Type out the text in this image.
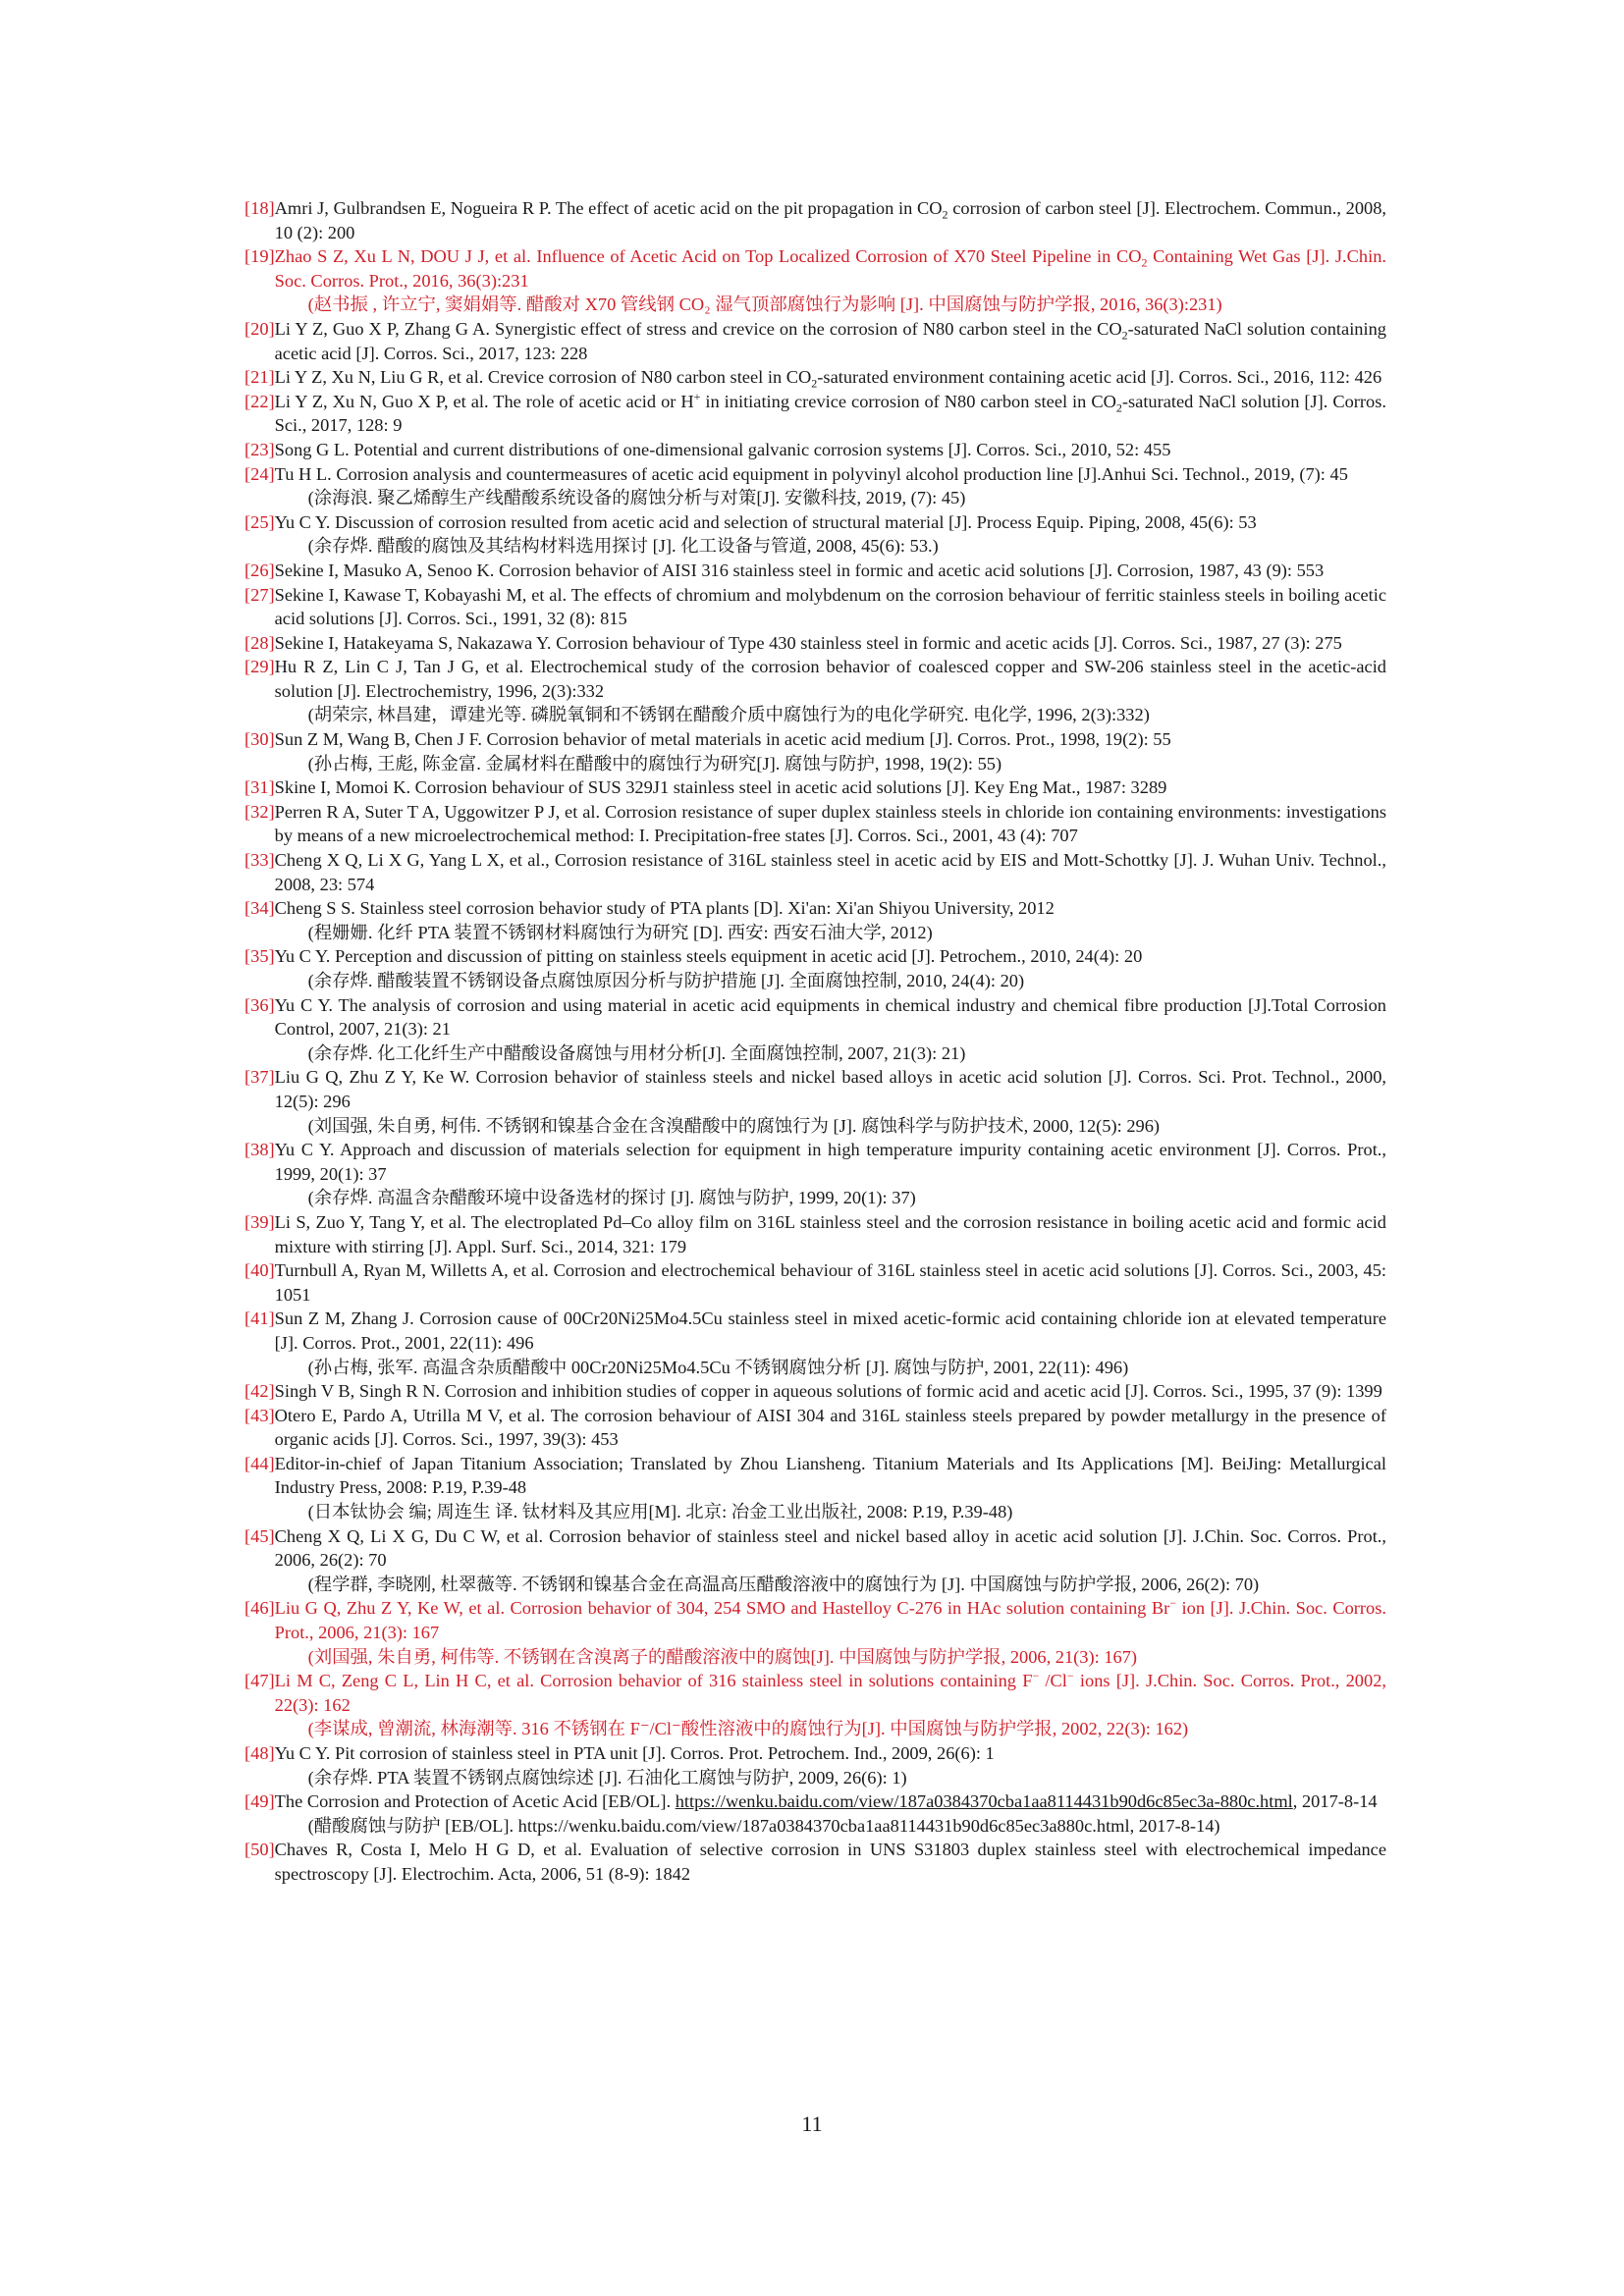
[18] Amri J, Gulbrandsen E, Nogueira R P. The effect of acetic acid on the pit propagation in $CO_2$ corrosion of carbon steel [J]. Electrochem. Commun., 2008, 10 (2): 200
[19] Zhao S Z, Xu L N, DOU J J, et al. Influence of Acetic Acid on Top Localized Corrosion of X70 Steel Pipeline in $CO_2$ Containing Wet Gas [J]. J.Chin. Soc. Corros. Prot., 2016, 36(3):231
(赵书振 , 许立宁, 窦娟娟等. 醋酸对 X70 管线钢 CO₂ 湿气顶部腐蚀行为影响 [J]. 中国腐蚀与防护学报, 2016, 36(3):231)
[20] Li Y Z, Guo X P, Zhang G A. Synergistic effect of stress and crevice on the corrosion of N80 carbon steel in the $CO_2$-saturated NaCl solution containing acetic acid [J]. Corros. Sci., 2017, 123: 228
[21] Li Y Z, Xu N, Liu G R, et al. Crevice corrosion of N80 carbon steel in $CO_2$-saturated environment containing acetic acid [J]. Corros. Sci., 2016, 112: 426
[22] Li Y Z, Xu N, Guo X P, et al. The role of acetic acid or H+ in initiating crevice corrosion of N80 carbon steel in $CO_2$-saturated NaCl solution [J]. Corros. Sci., 2017, 128: 9
[23] Song G L. Potential and current distributions of one-dimensional galvanic corrosion systems [J]. Corros. Sci., 2010, 52: 455
[24] Tu H L. Corrosion analysis and countermeasures of acetic acid equipment in polyvinyl alcohol production line [J].Anhui Sci. Technol., 2019, (7): 45
(涂海浪. 聚乙烯醇生产线醋酸系统设备的腐蚀分析与对策[J]. 安徽科技, 2019, (7): 45)
[25] Yu C Y. Discussion of corrosion resulted from acetic acid and selection of structural material [J]. Process Equip. Piping, 2008, 45(6): 53
(余存烨. 醋酸的腐蚀及其结构材料选用探讨 [J]. 化工设备与管道, 2008, 45(6): 53.)
[26] Sekine I, Masuko A, Senoo K. Corrosion behavior of AISI 316 stainless steel in formic and acetic acid solutions [J]. Corrosion, 1987, 43 (9): 553
[27] Sekine I, Kawase T, Kobayashi M, et al. The effects of chromium and molybdenum on the corrosion behaviour of ferritic stainless steels in boiling acetic acid solutions [J]. Corros. Sci., 1991, 32 (8): 815
[28] Sekine I, Hatakeyama S, Nakazawa Y. Corrosion behaviour of Type 430 stainless steel in formic and acetic acids [J]. Corros. Sci., 1987, 27 (3): 275
[29] Hu R Z, Lin C J, Tan J G, et al. Electrochemical study of the corrosion behavior of coalesced copper and SW-206 stainless steel in the acetic-acid solution [J]. Electrochemistry, 1996, 2(3):332
(胡荣宗, 林昌建，谭建光等. 磷脱氧铜和不锈钢在醋酸介质中腐蚀行为的电化学研究. 电化学, 1996, 2(3):332)
[30] Sun Z M, Wang B, Chen J F. Corrosion behavior of metal materials in acetic acid medium [J]. Corros. Prot., 1998, 19(2): 55
(孙占梅, 王彪, 陈金富. 金属材料在醋酸中的腐蚀行为研究[J]. 腐蚀与防护, 1998, 19(2): 55)
[31] Skine I, Momoi K. Corrosion behaviour of SUS 329J1 stainless steel in acetic acid solutions [J]. Key Eng Mat., 1987: 3289
[32] Perren R A, Suter T A, Uggowitzer P J, et al. Corrosion resistance of super duplex stainless steels in chloride ion containing environments: investigations by means of a new microelectrochemical method: I. Precipitation-free states [J]. Corros. Sci., 2001, 43 (4): 707
[33] Cheng X Q, Li X G, Yang L X, et al., Corrosion resistance of 316L stainless steel in acetic acid by EIS and Mott-Schottky [J]. J. Wuhan Univ. Technol., 2008, 23: 574
[34] Cheng S S. Stainless steel corrosion behavior study of PTA plants [D]. Xi'an: Xi'an Shiyou University, 2012
(程姗姗. 化纤 PTA 装置不锈钢材料腐蚀行为研究 [D]. 西安: 西安石油大学, 2012)
[35] Yu C Y. Perception and discussion of pitting on stainless steels equipment in acetic acid [J]. Petrochem., 2010, 24(4): 20
(余存烨. 醋酸装置不锈钢设备点腐蚀原因分析与防护措施 [J]. 全面腐蚀控制, 2010, 24(4): 20)
[36] Yu C Y. The analysis of corrosion and using material in acetic acid equipments in chemical industry and chemical fibre production [J].Total Corrosion Control, 2007, 21(3): 21
(余存烨. 化工化纤生产中醋酸设备腐蚀与用材分析[J]. 全面腐蚀控制, 2007, 21(3): 21)
[37] Liu G Q, Zhu Z Y, Ke W. Corrosion behavior of stainless steels and nickel based alloys in acetic acid solution [J]. Corros. Sci. Prot. Technol., 2000, 12(5): 296
(刘国强, 朱自勇, 柯伟. 不锈钢和镍基合金在含溴醋酸中的腐蚀行为 [J]. 腐蚀科学与防护技术, 2000, 12(5): 296)
[38] Yu C Y. Approach and discussion of materials selection for equipment in high temperature impurity containing acetic environment [J]. Corros. Prot., 1999, 20(1): 37
(余存烨. 高温含杂醋酸环境中设备选材的探讨 [J]. 腐蚀与防护, 1999, 20(1): 37)
[39] Li S, Zuo Y, Tang Y, et al. The electroplated Pd–Co alloy film on 316L stainless steel and the corrosion resistance in boiling acetic acid and formic acid mixture with stirring [J]. Appl. Surf. Sci., 2014, 321: 179
[40] Turnbull A, Ryan M, Willetts A, et al. Corrosion and electrochemical behaviour of 316L stainless steel in acetic acid solutions [J]. Corros. Sci., 2003, 45: 1051
[41] Sun Z M, Zhang J. Corrosion cause of 00Cr20Ni25Mo4.5Cu stainless steel in mixed acetic-formic acid containing chloride ion at elevated temperature [J]. Corros. Prot., 2001, 22(11): 496
(孙占梅, 张军. 高温含杂质醋酸中 00Cr20Ni25Mo4.5Cu 不锈钢腐蚀分析 [J]. 腐蚀与防护, 2001, 22(11): 496)
[42] Singh V B, Singh R N. Corrosion and inhibition studies of copper in aqueous solutions of formic acid and acetic acid [J]. Corros. Sci., 1995, 37 (9): 1399
[43] Otero E, Pardo A, Utrilla M V, et al. The corrosion behaviour of AISI 304 and 316L stainless steels prepared by powder metallurgy in the presence of organic acids [J]. Corros. Sci., 1997, 39(3): 453
[44] Editor-in-chief of Japan Titanium Association; Translated by Zhou Liansheng. Titanium Materials and Its Applications [M]. BeiJing: Metallurgical Industry Press, 2008: P.19, P.39-48
(日本钛协会 编; 周连生 译. 钛材料及其应用[M]. 北京: 冶金工业出版社, 2008: P.19, P.39-48)
[45] Cheng X Q, Li X G, Du C W, et al. Corrosion behavior of stainless steel and nickel based alloy in acetic acid solution [J]. J.Chin. Soc. Corros. Prot., 2006, 26(2): 70
(程学群, 李晓刚, 杜翠薇等. 不锈钢和镍基合金在高温高压醋酸溶液中的腐蚀行为 [J]. 中国腐蚀与防护学报, 2006, 26(2): 70)
[46] Liu G Q, Zhu Z Y, Ke W, et al. Corrosion behavior of 304, 254 SMO and Hastelloy C-276 in HAc solution containing Br− ion [J]. J.Chin. Soc. Corros. Prot., 2006, 21(3): 167
(刘国强, 朱自勇, 柯伟等. 不锈钢在含溴离子的醋酸溶液中的腐蚀[J]. 中国腐蚀与防护学报, 2006, 21(3): 167)
[47] Li M C, Zeng C L, Lin H C, et al. Corrosion behavior of 316 stainless steel in solutions containing F− /Cl− ions [J]. J.Chin. Soc. Corros. Prot., 2002, 22(3): 162
(李谋成, 曾潮流, 林海潮等. 316 不锈钢在 F⁻/Cl⁻酸性溶液中的腐蚀行为[J]. 中国腐蚀与防护学报, 2002, 22(3): 162)
[48] Yu C Y. Pit corrosion of stainless steel in PTA unit [J]. Corros. Prot. Petrochem. Ind., 2009, 26(6): 1
(余存烨. PTA 装置不锈钢点腐蚀综述 [J]. 石油化工腐蚀与防护, 2009, 26(6): 1)
[49] The Corrosion and Protection of Acetic Acid [EB/OL]. https://wenku.baidu.com/view/187a0384370cba1aa8114431b90d6c85ec3a-880c.html, 2017-8-14
(醋酸腐蚀与防护 [EB/OL]. https://wenku.baidu.com/view/187a0384370cba1aa8114431b90d6c85ec3a880c.html, 2017-8-14)
[50] Chaves R, Costa I, Melo H G D, et al. Evaluation of selective corrosion in UNS S31803 duplex stainless steel with electrochemical impedance spectroscopy [J]. Electrochim. Acta, 2006, 51 (8-9): 1842
11
